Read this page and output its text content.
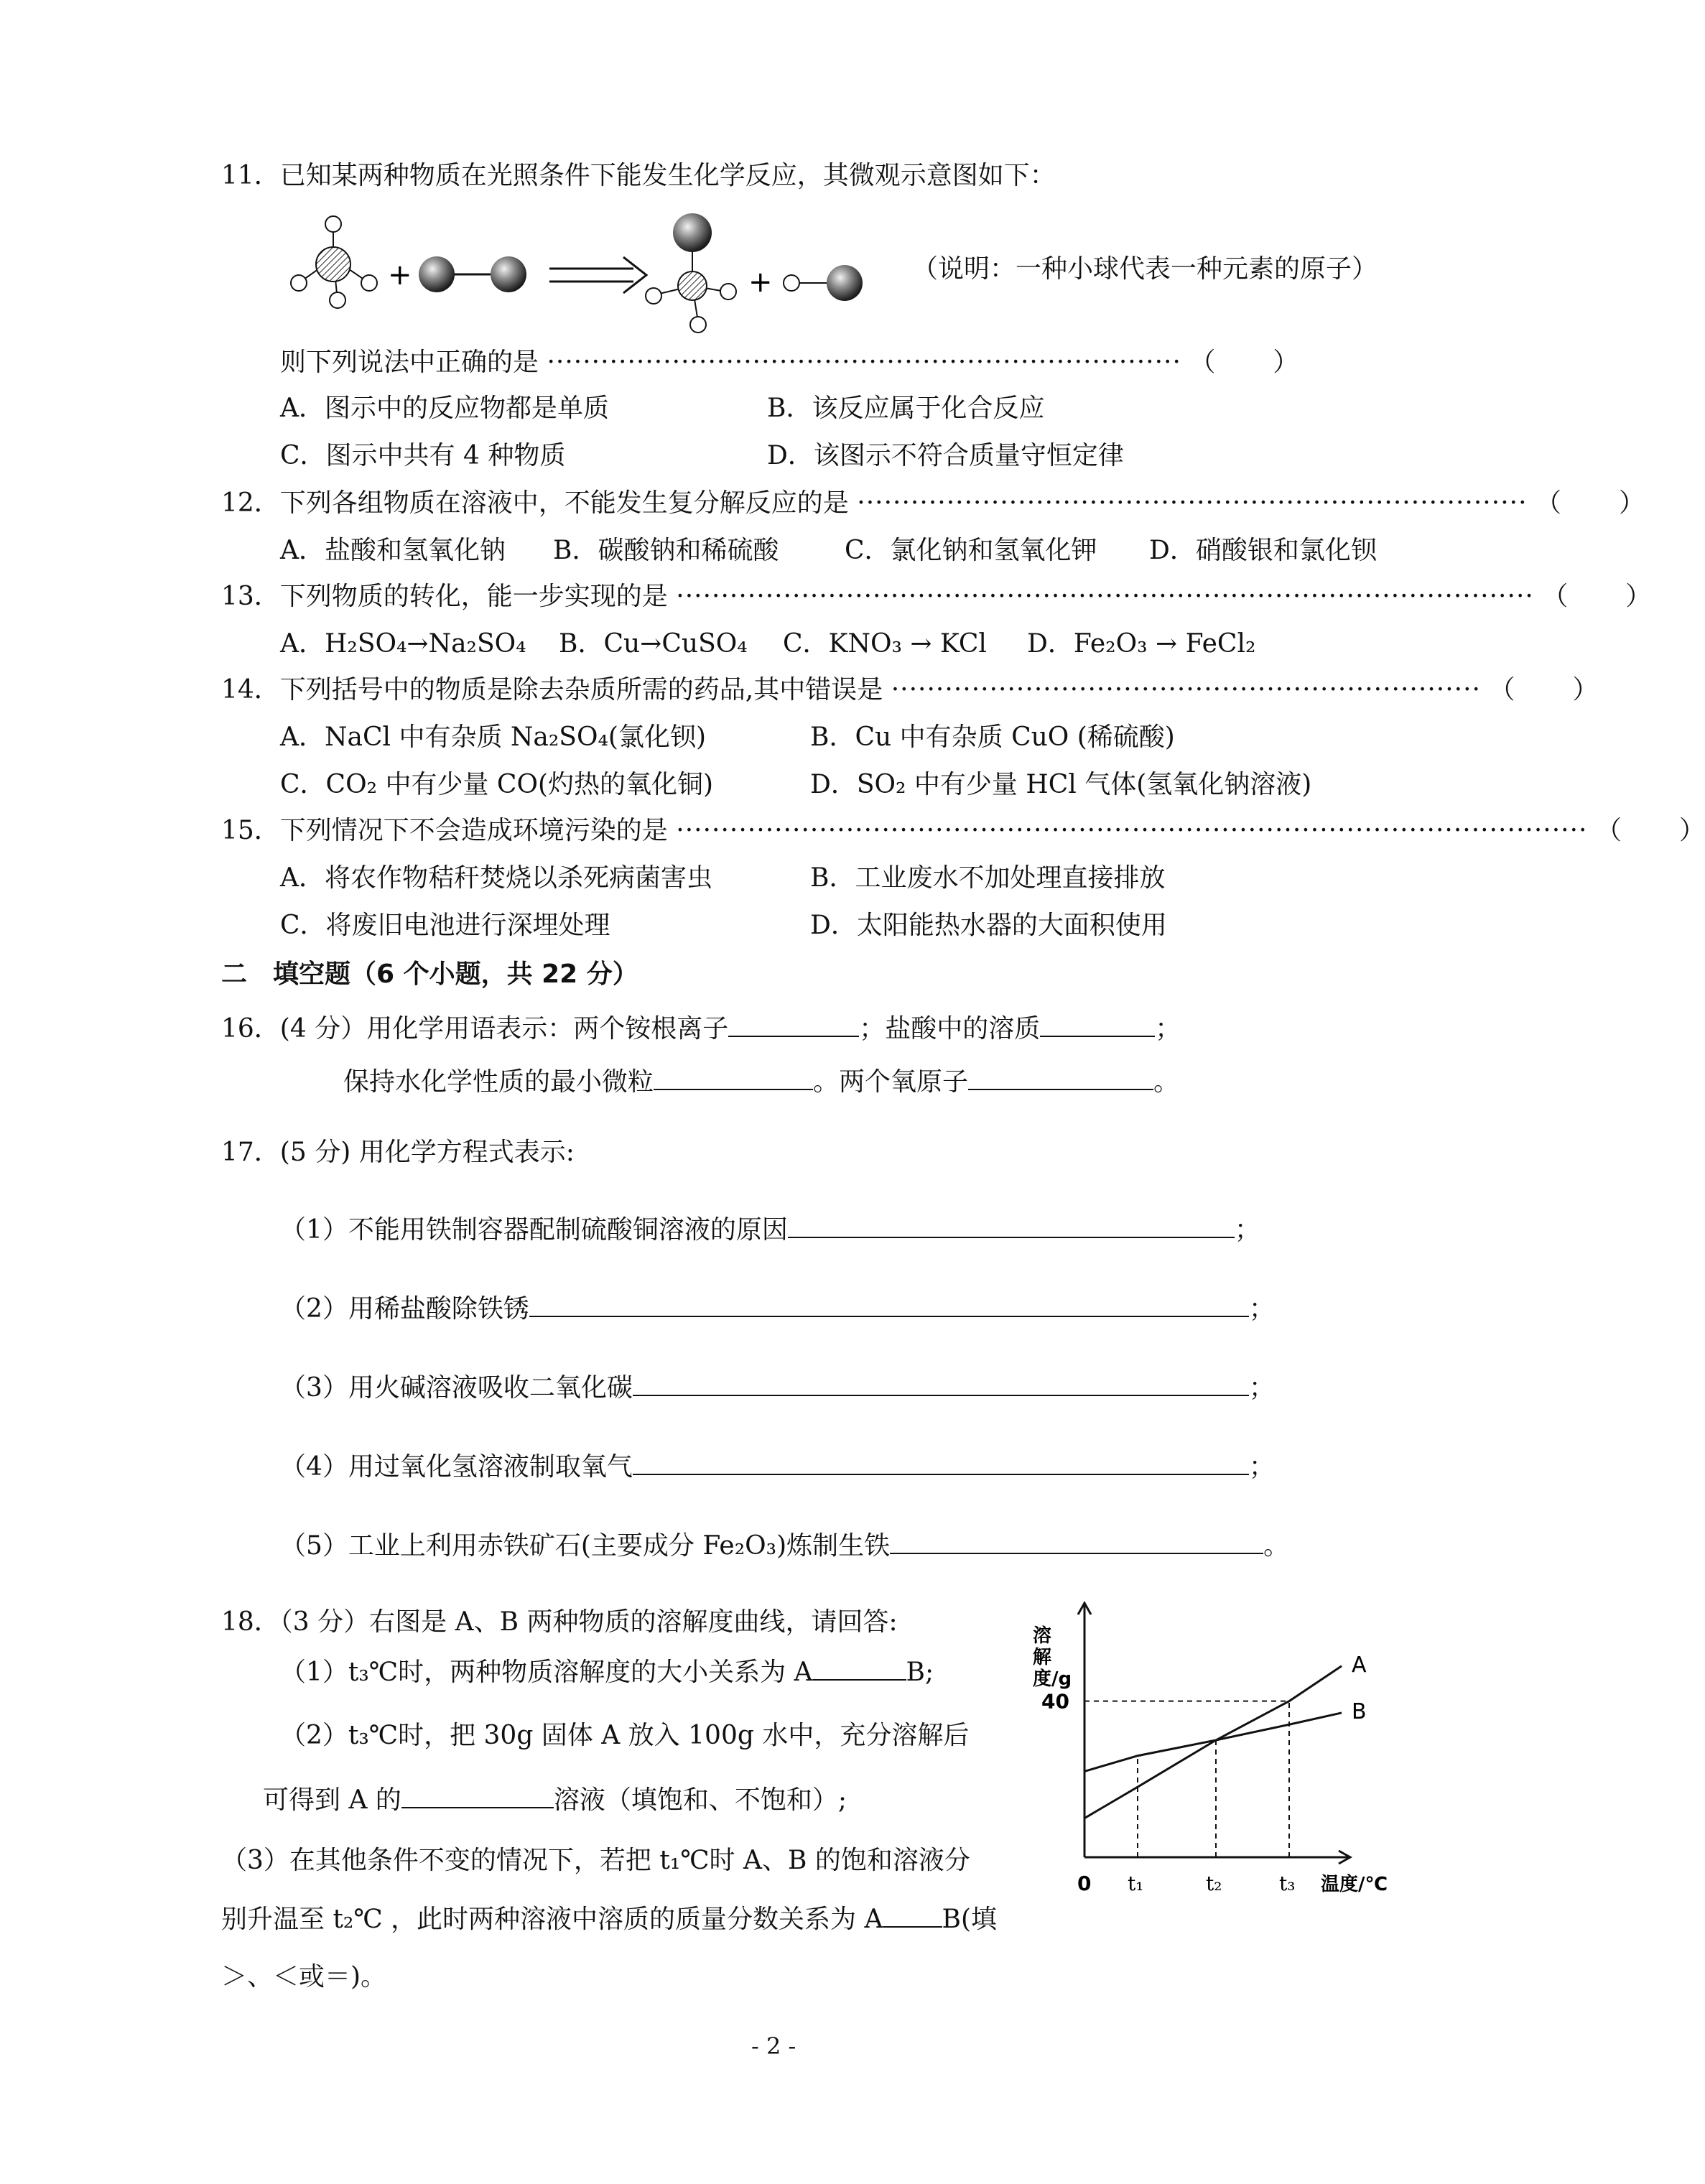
11．已知某两种物质在光照条件下能发生化学反应，其微观示意图如下：
+	+	（说明：一种小球代表一种元素的原子）
则下列说法中正确的是 ······································································· （ ）
A．图示中的反应物都是单质	B．该反应属于化合反应
C．图示中共有 4 种物质	D．该图示不符合质量守恒定律
12．下列各组物质在溶液中，不能发生复分解反应的是 ··········································································· （ ）
A．盐酸和氢氧化钠 B．碳酸钠和稀硫酸	C．氯化钠和氢氧化钾 D．硝酸银和氯化钡
13．下列物质的转化，能一步实现的是 ································································································ （ ）
A．H₂SO₄→Na₂SO₄ B．Cu→CuSO₄ C．KNO₃ → KCl D．Fe₂O₃ → FeCl₂
14．下列括号中的物质是除去杂质所需的药品,其中错误是 ·································································· （ ）
A．NaCl 中有杂质 Na₂SO₄(氯化钡)	B．Cu 中有杂质 CuO (稀硫酸)
C．CO₂ 中有少量 CO(灼热的氧化铜)	D．SO₂ 中有少量 HCl 气体(氢氧化钠溶液)
15．下列情况下不会造成环境污染的是 ······································································································ （ ）
A．将农作物秸秆焚烧以杀死病菌害虫	B．工业废水不加处理直接排放
C．将废旧电池进行深埋处理	D．太阳能热水器的大面积使用
二　填空题（6 个小题，共 22 分）
16．(4 分）用化学用语表示：两个铵根离子	；盐酸中的溶质	；
保持水化学性质的最小微粒	。两个氧原子	。
17．(5 分) 用化学方程式表示:
（1）不能用铁制容器配制硫酸铜溶液的原因	；
（2）用稀盐酸除铁锈	；
（3）用火碱溶液吸收二氧化碳	；
（4）用过氧化氢溶液制取氧气	；
（5）工业上利用赤铁矿石(主要成分 Fe₂O₃)炼制生铁	。
18．（3 分）右图是 A、B 两种物质的溶解度曲线，请回答:
（1）t₃℃时，两种物质溶解度的大小关系为 A	B;
（2）t₃℃时，把 30g 固体 A 放入 100g 水中，充分溶解后
可得到 A 的	溶液（填饱和、不饱和）;
（3）在其他条件不变的情况下，若把 t₁℃时 A、B 的饱和溶液分
别升温至 t₂℃ ，此时两种溶液中溶质的质量分数关系为 A B(填
＞、＜或＝)。
A
B
0 t₁	t₂	t₃
40
溶
解
度/g
温度/℃
- 2 -
